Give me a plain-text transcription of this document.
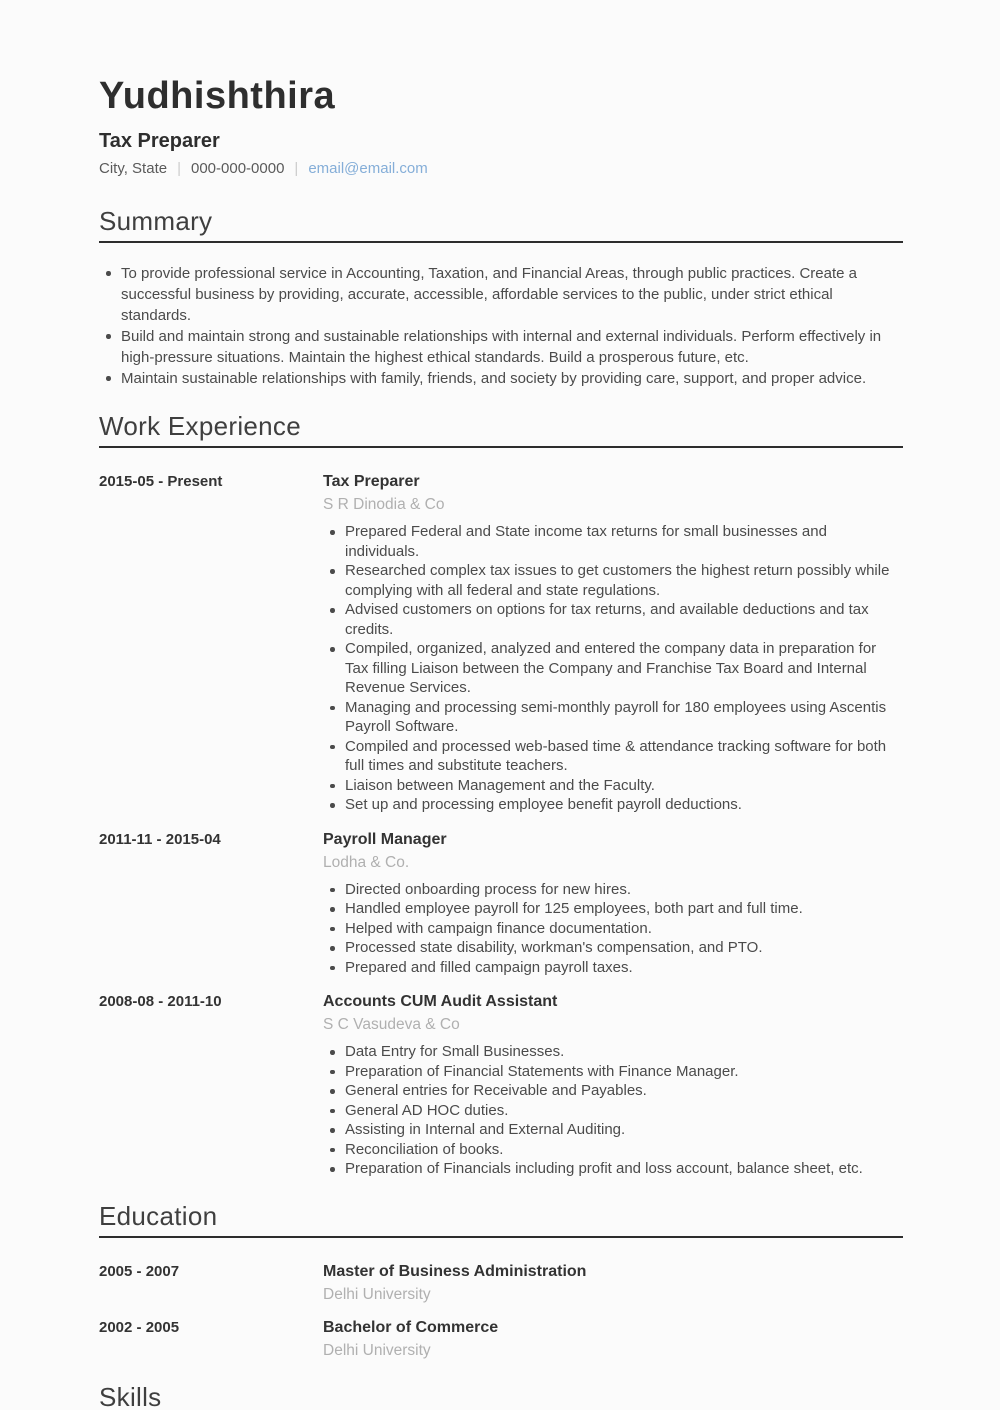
Yudhishthira
Tax Preparer
City, State | 000-000-0000 | email@email.com
Summary
To provide professional service in Accounting, Taxation, and Financial Areas, through public practices. Create a successful business by providing, accurate, accessible, affordable services to the public, under strict ethical standards.
Build and maintain strong and sustainable relationships with internal and external individuals. Perform effectively in high-pressure situations. Maintain the highest ethical standards. Build a prosperous future, etc.
Maintain sustainable relationships with family, friends, and society by providing care, support, and proper advice.
Work Experience
2015-05 - Present	Tax Preparer
S R Dinodia & Co
Prepared Federal and State income tax returns for small businesses and individuals.
Researched complex tax issues to get customers the highest return possibly while complying with all federal and state regulations.
Advised customers on options for tax returns, and available deductions and tax credits.
Compiled, organized, analyzed and entered the company data in preparation for Tax filling Liaison between the Company and Franchise Tax Board and Internal Revenue Services.
Managing and processing semi-monthly payroll for 180 employees using Ascentis Payroll Software.
Compiled and processed web-based time & attendance tracking software for both full times and substitute teachers.
Liaison between Management and the Faculty.
Set up and processing employee benefit payroll deductions.
2011-11 - 2015-04	Payroll Manager
Lodha & Co.
Directed onboarding process for new hires.
Handled employee payroll for 125 employees, both part and full time.
Helped with campaign finance documentation.
Processed state disability, workman's compensation, and PTO.
Prepared and filled campaign payroll taxes.
2008-08 - 2011-10	Accounts CUM Audit Assistant
S C Vasudeva & Co
Data Entry for Small Businesses.
Preparation of Financial Statements with Finance Manager.
General entries for Receivable and Payables.
General AD HOC duties.
Assisting in Internal and External Auditing.
Reconciliation of books.
Preparation of Financials including profit and loss account, balance sheet, etc.
Education
2005 - 2007	Master of Business Administration
Delhi University
2002 - 2005	Bachelor of Commerce
Delhi University
Skills
